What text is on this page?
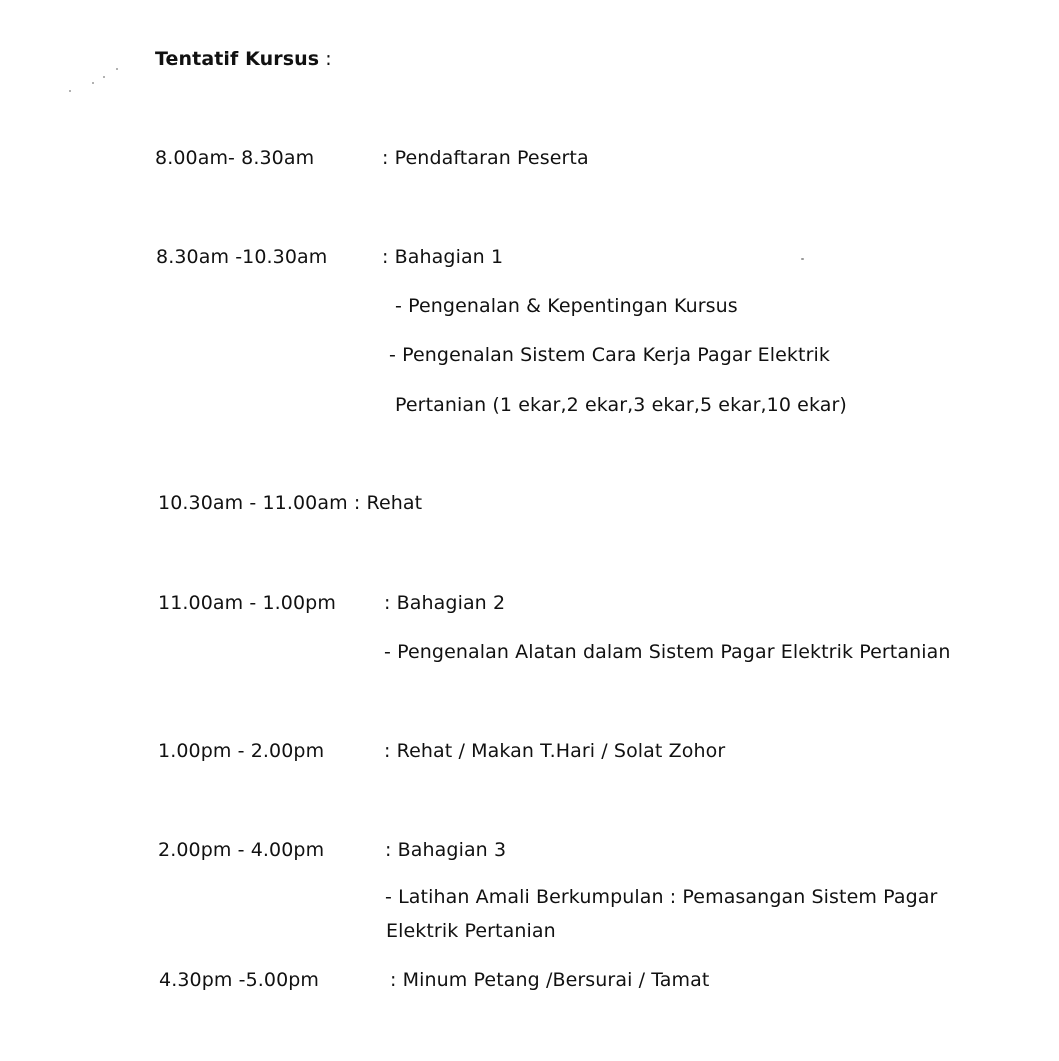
Tentatif Kursus :
8.00am- 8.30am	: Pendaftaran Peserta
8.30am -10.30am	: Bahagian 1
- Pengenalan & Kepentingan Kursus
- Pengenalan Sistem Cara Kerja Pagar Elektrik
Pertanian (1 ekar,2 ekar,3 ekar,5 ekar,10 ekar)
10.30am - 11.00am : Rehat
11.00am - 1.00pm	: Bahagian 2
- Pengenalan Alatan dalam Sistem Pagar Elektrik Pertanian
1.00pm - 2.00pm	: Rehat / Makan T.Hari / Solat Zohor
2.00pm - 4.00pm	: Bahagian 3
- Latihan Amali Berkumpulan : Pemasangan Sistem Pagar
Elektrik Pertanian
4.30pm -5.00pm	: Minum Petang /Bersurai / Tamat
